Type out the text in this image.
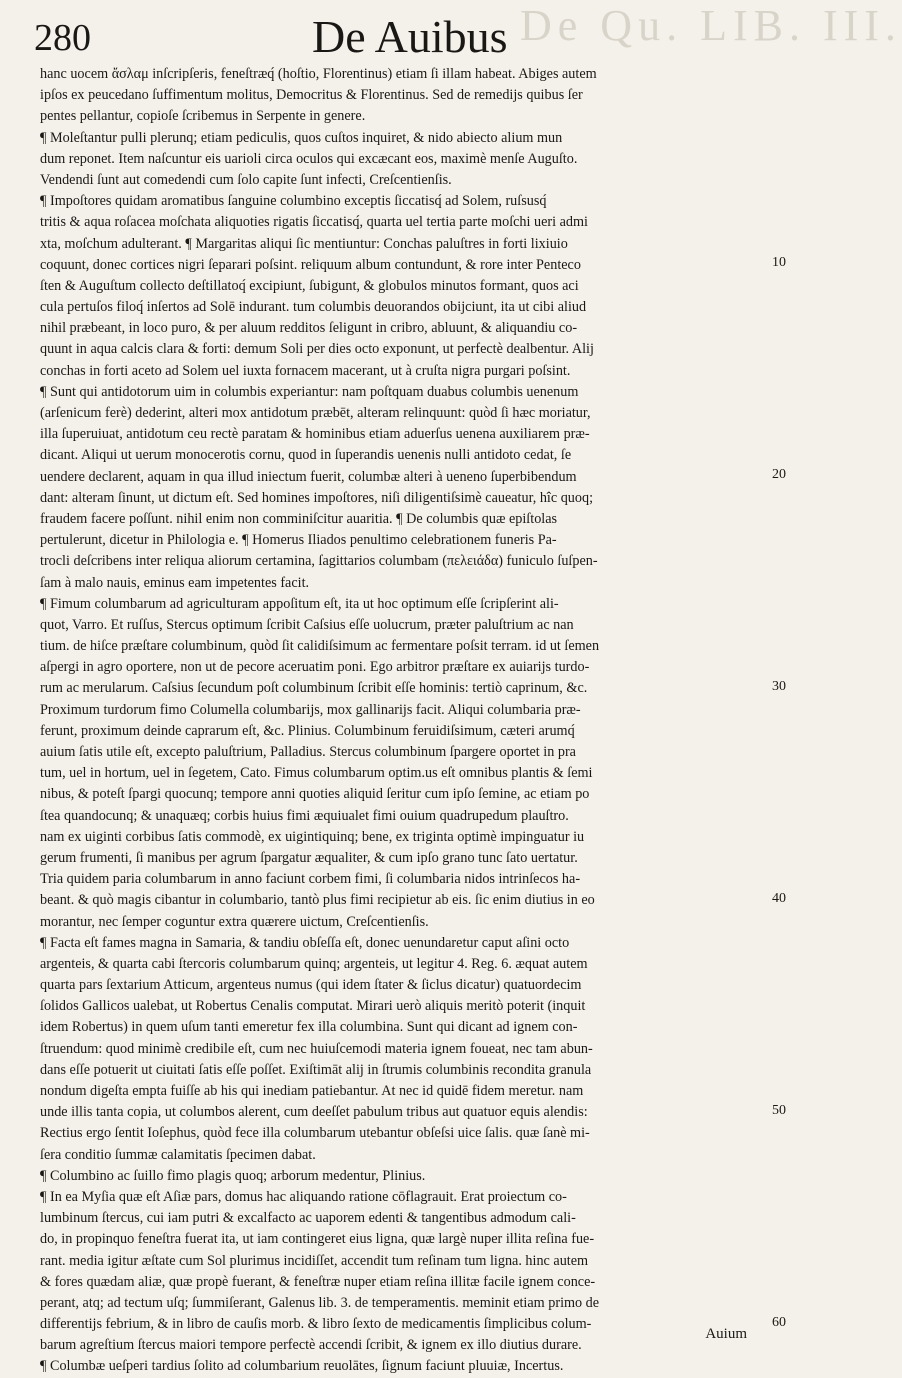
De Qu. LIB. III.
280	De Auibus
hanc uocem ἄσλαμ inſcripſeris, feneſtræq́ (hoſtio, Florentinus) etiam ſi illam habeat. Abiges autem
ipſos ex peucedano ſuffimentum molitus, Democritus & Florentinus. Sed de remedijs quibus ſer
pentes pellantur, copioſe ſcribemus in Serpente in genere.
¶ Moleſtantur pulli plerunq; etiam pediculis, quos cuſtos inquiret, & nido abiecto alium mun
dum reponet. Item naſcuntur eis uarioli circa oculos qui excæcant eos, maximè menſe Auguſto.
Vendendi ſunt aut comedendi cum ſolo capite ſunt infecti, Creſcentienſis.
¶ Impoſtores quidam aromatibus ſanguine columbino exceptis ſiccatisq́ ad Solem, ruſsusq́
tritis & aqua roſacea moſchata aliquoties rigatis ſiccatisq́, quarta uel tertia parte moſchi ueri admi
xta, moſchum adulterant. ¶ Margaritas aliqui ſic mentiuntur: Conchas paluſtres in forti lixiuio
coquunt, donec cortices nigri ſeparari poſsint. reliquum album contundunt, & rore inter Penteco
ſten & Auguſtum collecto deſtillatoq́ excipiunt, ſubigunt, & globulos minutos formant, quos aci
cula pertuſos filoq́ inſertos ad Solē indurant. tum columbis deuorandos obijciunt, ita ut cibi aliud
nihil præbeant, in loco puro, & per aluum redditos ſeligunt in cribro, abluunt, & aliquandiu co-
quunt in aqua calcis clara & forti: demum Soli per dies octo exponunt, ut perfectè dealbentur. Alij
conchas in forti aceto ad Solem uel iuxta fornacem macerant, ut à cruſta nigra purgari poſsint.
¶ Sunt qui antidotorum uim in columbis experiantur: nam poſtquam duabus columbis uenenum
(arſenicum ferè) dederint, alteri mox antidotum præbēt, alteram relinquunt: quòd ſi hæc moriatur,
illa ſuperuiuat, antidotum ceu rectè paratam & hominibus etiam aduerſus uenena auxiliarem præ-
dicant. Aliqui ut uerum monocerotis cornu, quod in ſuperandis uenenis nulli antidoto cedat, ſe
uendere declarent, aquam in qua illud iniectum fuerit, columbæ alteri à ueneno ſuperbibendum
dant: alteram ſinunt, ut dictum eſt. Sed homines impoſtores, niſi diligentiſsimè caueatur, hîc quoq;
fraudem facere poſſunt. nihil enim non comminiſcitur auaritia. ¶ De columbis quæ epiſtolas
pertulerunt, dicetur in Philologia e. ¶ Homerus Iliados penultimo celebrationem funeris Pa-
trocli deſcribens inter reliqua aliorum certamina, ſagittarios columbam (πελειάδα) funiculo ſuſpen-
ſam à malo nauis, eminus eam impetentes facit.
¶ Fimum columbarum ad agriculturam appoſitum eſt, ita ut hoc optimum eſſe ſcripſerint ali-
quot, Varro. Et ruſſus, Stercus optimum ſcribit Caſsius eſſe uolucrum, præter paluſtrium ac nan
tium. de hiſce præſtare columbinum, quòd ſit calidiſsimum ac fermentare poſsit terram. id ut ſemen
aſpergi in agro oportere, non ut de pecore aceruatim poni. Ego arbitror præſtare ex auiarijs turdo-
rum ac merularum. Caſsius ſecundum poſt columbinum ſcribit eſſe hominis: tertiò caprinum, &c.
Proximum turdorum fimo Columella columbarijs, mox gallinarijs facit. Aliqui columbaria præ-
ferunt, proximum deinde caprarum eſt, &c. Plinius. Columbinum feruidiſsimum, cæteri arumq́
auium ſatis utile eſt, excepto paluſtrium, Palladius. Stercus columbinum ſpargere oportet in pra
tum, uel in hortum, uel in ſegetem, Cato. Fimus columbarum optim.us eſt omnibus plantis & ſemi
nibus, & poteſt ſpargi quocunq; tempore anni quoties aliquid ſeritur cum ipſo ſemine, ac etiam po
ſtea quandocunq; & unaquæq; corbis huius fimi æquiualet fimi ouium quadrupedum plauſtro.
nam ex uiginti corbibus ſatis commodè, ex uigintiquinq; bene, ex triginta optimè impinguatur iu
gerum frumenti, ſi manibus per agrum ſpargatur æqualiter, & cum ipſo grano tunc ſato uertatur.
Tria quidem paria columbarum in anno faciunt corbem fimi, ſi columbaria nidos intrinſecos ha-
beant. & quò magis cibantur in columbario, tantò plus fimi recipietur ab eis. ſic enim diutius in eo
morantur, nec ſemper coguntur extra quærere uictum, Creſcentienſis.
¶ Facta eſt fames magna in Samaria, & tandiu obſeſſa eſt, donec uenundaretur caput aſini octo
argenteis, & quarta cabi ſtercoris columbarum quinq; argenteis, ut legitur 4. Reg. 6. æquat autem
quarta pars ſextarium Atticum, argenteus numus (qui idem ſtater & ſiclus dicatur) quatuordecim
ſolidos Gallicos ualebat, ut Robertus Cenalis computat. Mirari uerò aliquis meritò poterit (inquit
idem Robertus) in quem uſum tanti emeretur fex illa columbina. Sunt qui dicant ad ignem con-
ſtruendum: quod minimè credibile eſt, cum nec huiuſcemodi materia ignem foueat, nec tam abun-
dans eſſe potuerit ut ciuitati ſatis eſſe poſſet. Exiſtimāt alij in ſtrumis columbinis recondita granula
nondum digeſta empta fuiſſe ab his qui inediam patiebantur. At nec id quidē fidem meretur. nam
unde illis tanta copia, ut columbos alerent, cum deeſſet pabulum tribus aut quatuor equis alendis:
Rectius ergo ſentit Ioſephus, quòd fece illa columbarum utebantur obſeſsi uice ſalis. quæ ſanè mi-
ſera conditio ſummæ calamitatis ſpecimen dabat.
¶ Columbino ac ſuillo fimo plagis quoq; arborum medentur, Plinius.
¶ In ea Myſia quæ eſt Aſiæ pars, domus hac aliquando ratione cōflagrauit. Erat proiectum co-
lumbinum ſtercus, cui iam putri & excalfacto ac uaporem edenti & tangentibus admodum cali-
do, in propinquo feneſtra fuerat ita, ut iam contingeret eius ligna, quæ largè nuper illita reſina fue-
rant. media igitur æſtate cum Sol plurimus incidiſſet, accendit tum reſinam tum ligna. hinc autem
& fores quædam aliæ, quæ propè fuerant, & feneſtræ nuper etiam reſina illitæ facile ignem conce-
perant, atq; ad tectum uſq; ſummiſerant, Galenus lib. 3. de temperamentis. meminit etiam primo de
differentijs febrium, & in libro de cauſis morb. & libro ſexto de medicamentis ſimplicibus colum-
barum agreſtium ſtercus maiori tempore perfectè accendi ſcribit, & ignem ex illo diutius durare.
¶ Columbæ ueſperi tardius ſolito ad columbarium reuolātes, ſignum faciunt pluuiæ, Incertus.
10
20
30
40
50
60
Auium
